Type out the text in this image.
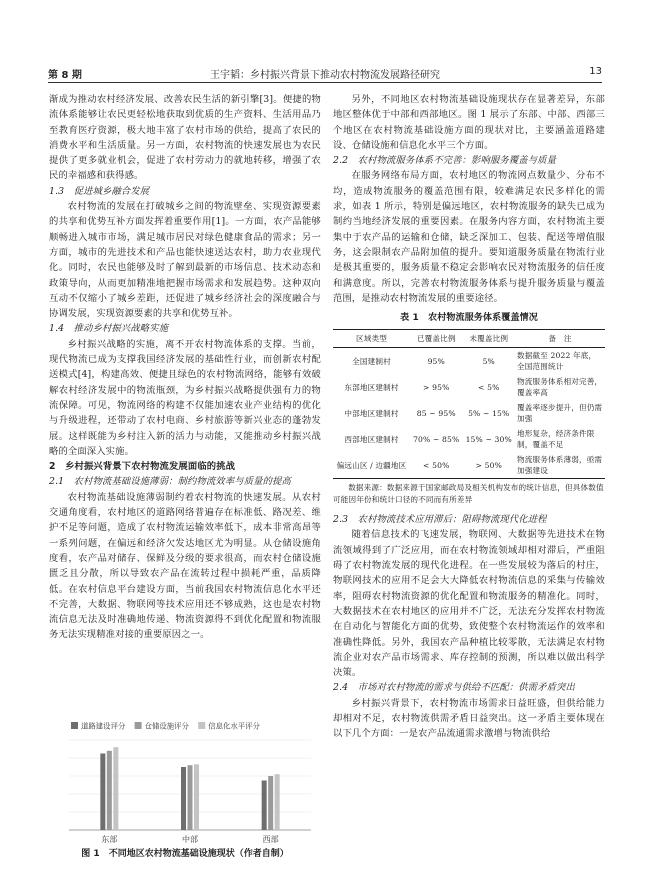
第 8 期	王宇韬：乡村振兴背景下推动农村物流发展路径研究	13

渐成为推动农村经济发展、改善农民生活的新引擎[3]。便捷的物流体系能够让农民更轻松地获取到优质的生产资料、生活用品乃至教育医疗资源，极大地丰富了农村市场的供给，提高了农民的消费水平和生活质量。另一方面，农村物流的快速发展也为农民提供了更多就业机会，促进了农村劳动力的就地转移，增强了农民的幸福感和获得感。

1.3　促进城乡融合发展

农村物流的发展在打破城乡之间的物流壁垒、实现资源要素的共享和优势互补方面发挥着重要作用[1]。一方面，农产品能够顺畅进入城市市场，满足城市居民对绿色健康食品的需求；另一方面，城市的先进技术和产品也能快速送达农村，助力农业现代化。同时，农民也能够及时了解到最新的市场信息、技术动态和政策导向，从而更加精准地把握市场需求和发展趋势。这种双向互动不仅缩小了城乡差距，还促进了城乡经济社会的深度融合与协调发展，实现资源要素的共享和优势互补。

1.4　推动乡村振兴战略实施

乡村振兴战略的实施，离不开农村物流体系的支撑。当前，现代物流已成为支撑我国经济发展的基础性行业，而创新农村配送模式[4]，构建高效、便捷且绿色的农村物流网络，能够有效破解农村经济发展中的物流瓶颈，为乡村振兴战略提供强有力的物流保障。可见，物流网络的构建不仅能加速农业产业结构的优化与升级进程，还带动了农村电商、乡村旅游等新兴业态的蓬勃发展。这样既能为乡村注入新的活力与动能，又能推动乡村振兴战略的全面深入实施。

2　乡村振兴背景下农村物流发展面临的挑战
2.1　农村物流基础设施薄弱：制约物流效率与质量的提高

农村物流基础设施薄弱制约着农村物流的快速发展。从农村交通角度看，农村地区的道路网络普遍存在标准低、路况差、维护不足等问题，造成了农村物流运输效率低下，成本非常高昂等一系列问题，在偏远和经济欠发达地区尤为明显。从仓储设施角度看，农产品对储存、保鲜及分级的要求很高，而农村仓储设施匮乏且分散，所以导致农产品在流转过程中损耗严重，品质降低。在农村信息平台建设方面，当前我国农村物流信息化水平还不完善，大数据、物联网等技术应用还不够成熟，这也是农村物流信息无法及时准确地传递、物流资源得不到优化配置和物流服务无法实现精准对接的重要原因之一。

道路建设评分	仓储设施评分	信息化水平评分
东部	中部	西部
图 1　不同地区农村物流基础设施现状（作者自制）

另外，不同地区农村物流基础设施现状存在显著差异，东部地区整体优于中部和西部地区。图 1 展示了东部、中部、西部三个地区在农村物流基础设施方面的现状对比，主要涵盖道路建设、仓储设施和信息化水平三个方面。

2.2　农村物流服务体系不完善：影响服务覆盖与质量

在服务网络布局方面，农村地区的物流网点数量少、分布不均，造成物流服务的覆盖范围有限，较难满足农民多样化的需求，如表 1 所示，特别是偏远地区，农村物流服务的缺失已成为制约当地经济发展的重要因素。在服务内容方面，农村物流主要集中于农产品的运输和仓储，缺乏深加工、包装、配送等增值服务，这会限制农产品附加值的提升。要知道服务质量在物流行业是极其重要的，服务质量不稳定会影响农民对物流服务的信任度和满意度。所以，完善农村物流服务体系与提升服务质量与覆盖范围，是推动农村物流发展的重要途径。

表 1　农村物流服务体系覆盖情况
区域类型	已覆盖比例	未覆盖比例	备　注
全国建制村	95%	5%	数据截至 2022 年底，全国范围统计
东部地区建制村	> 95%	< 5%	物流服务体系相对完善，覆盖率高
中部地区建制村	85 ~ 95%	5% ~ 15%	覆盖率逐步提升，但仍需加强
西部地区建制村	70% ~ 85%	15% ~ 30%	地形复杂，经济条件限制，覆盖不足
偏远山区 / 边疆地区	< 50%	> 50%	物流服务体系薄弱，亟需加强建设
数据来源：数据来源于国家邮政局及相关机构发布的统计信息，但具体数值可能因年份和统计口径的不同而有所差异
2.3　农村物流技术应用滞后：阻碍物流现代化进程

随着信息技术的飞速发展，物联网、大数据等先进技术在物流领域得到了广泛应用，而在农村物流领域却相对滞后，严重阻碍了农村物流发展的现代化进程。在一些发展较为落后的村庄，物联网技术的应用不足会大大降低农村物流信息的采集与传输效率，阻碍农村物流资源的优化配置和物流服务的精准化。同时，大数据技术在农村地区的应用并不广泛，无法充分发挥农村物流在自动化与智能化方面的优势，致使整个农村物流运作的效率和准确性降低。另外，我国农产品种植比较零散，无法满足农村物流企业对农产品市场需求、库存控制的预测，所以难以做出科学决策。

2.4　市场对农村物流的需求与供给不匹配：供需矛盾突出

乡村振兴背景下，农村物流市场需求日益旺盛，但供给能力却相对不足，农村物流供需矛盾日益突出。这一矛盾主要体现在以下几个方面：一是农产品流通需求激增与物流供给
